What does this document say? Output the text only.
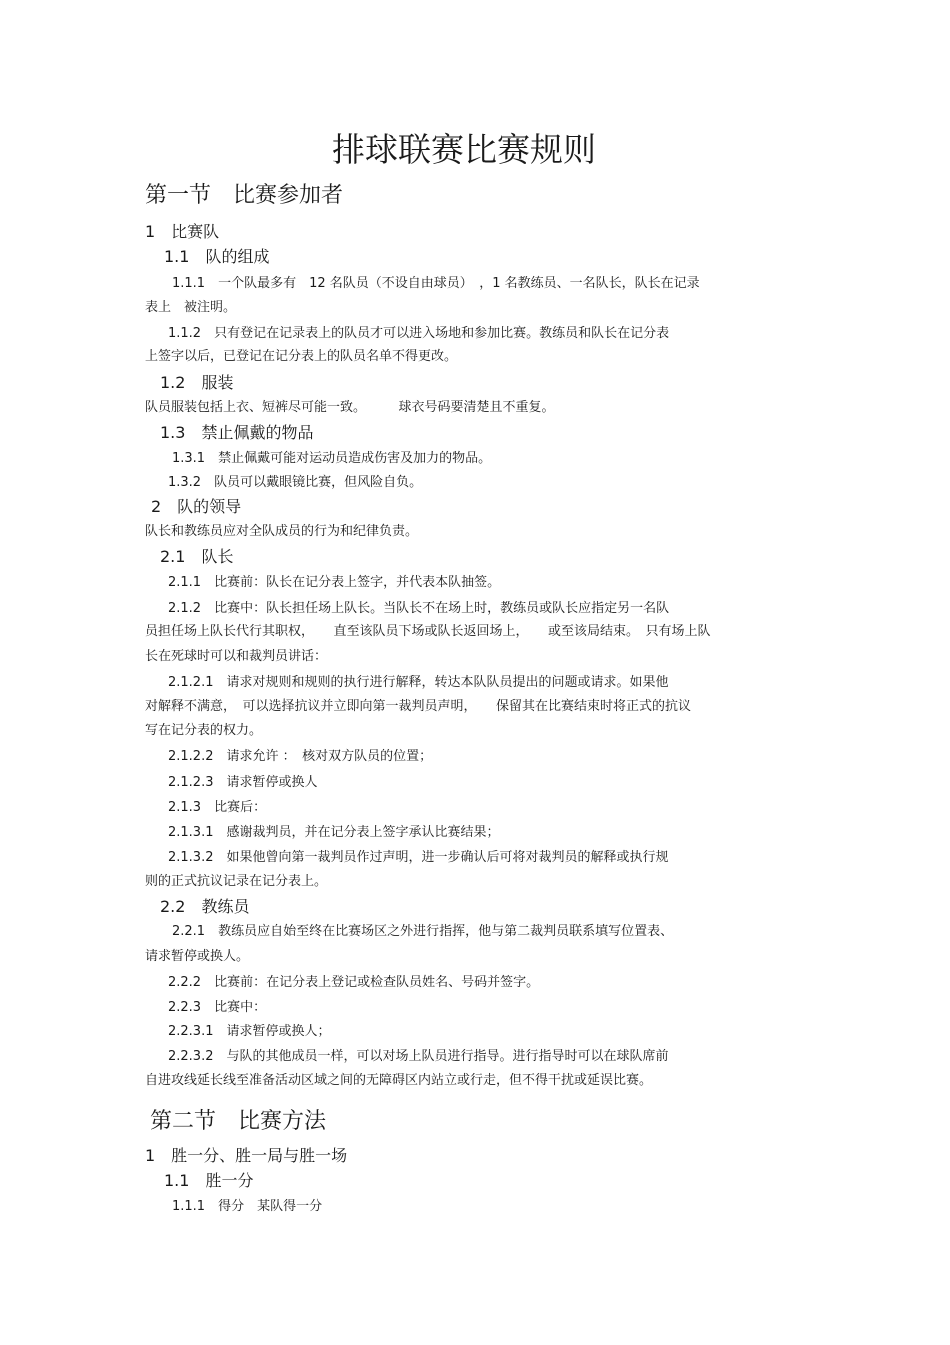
排球联赛比赛规则
第一节　比赛参加者
1　比赛队
1.1　队的组成
1.1.1　一个队最多有　12 名队员（不设自由球员）　，1 名教练员、一名队长，队长在记录
表上　被注明。
1.1.2　只有登记在记录表上的队员才可以进入场地和参加比赛。教练员和队长在记分表
上签字以后，已登记在记分表上的队员名单不得更改。
1.2　服装
队员服装包括上衣、短裤尽可能一致。　　　球衣号码要清楚且不重复。
1.3　禁止佩戴的物品
1.3.1　禁止佩戴可能对运动员造成伤害及加力的物品。
1.3.2　队员可以戴眼镜比赛，但风险自负。
2　队的领导
队长和教练员应对全队成员的行为和纪律负责。
2.1　队长
2.1.1　比赛前：队长在记分表上签字，并代表本队抽签。
2.1.2　比赛中：队长担任场上队长。当队长不在场上时，教练员或队长应指定另一名队
员担任场上队长代行其职权，　　直至该队员下场或队长返回场上，　　或至该局结束。　只有场上队
长在死球时可以和裁判员讲话：
2.1.2.1　请求对规则和规则的执行进行解释，转达本队队员提出的问题或请求。如果他
对解释不满意，　可以选择抗议并立即向第一裁判员声明，　　保留其在比赛结束时将正式的抗议
写在记分表的权力。
2.1.2.2　请求允许 ：　核对双方队员的位置；
2.1.2.3　请求暂停或换人
2.1.3　比赛后：
2.1.3.1　感谢裁判员，并在记分表上签字承认比赛结果；
2.1.3.2　如果他曾向第一裁判员作过声明，进一步确认后可将对裁判员的解释或执行规
则的正式抗议记录在记分表上。
2.2　教练员
2.2.1　教练员应自始至终在比赛场区之外进行指挥，他与第二裁判员联系填写位置表、
请求暂停或换人。
2.2.2　比赛前：在记分表上登记或检查队员姓名、号码并签字。
2.2.3　比赛中：
2.2.3.1　请求暂停或换人；
2.2.3.2　与队的其他成员一样，可以对场上队员进行指导。进行指导时可以在球队席前
自进攻线延长线至准备活动区域之间的无障碍区内站立或行走，但不得干扰或延误比赛。
第二节　比赛方法
1　胜一分、胜一局与胜一场
1.1　胜一分
1.1.1　得分　某队得一分
